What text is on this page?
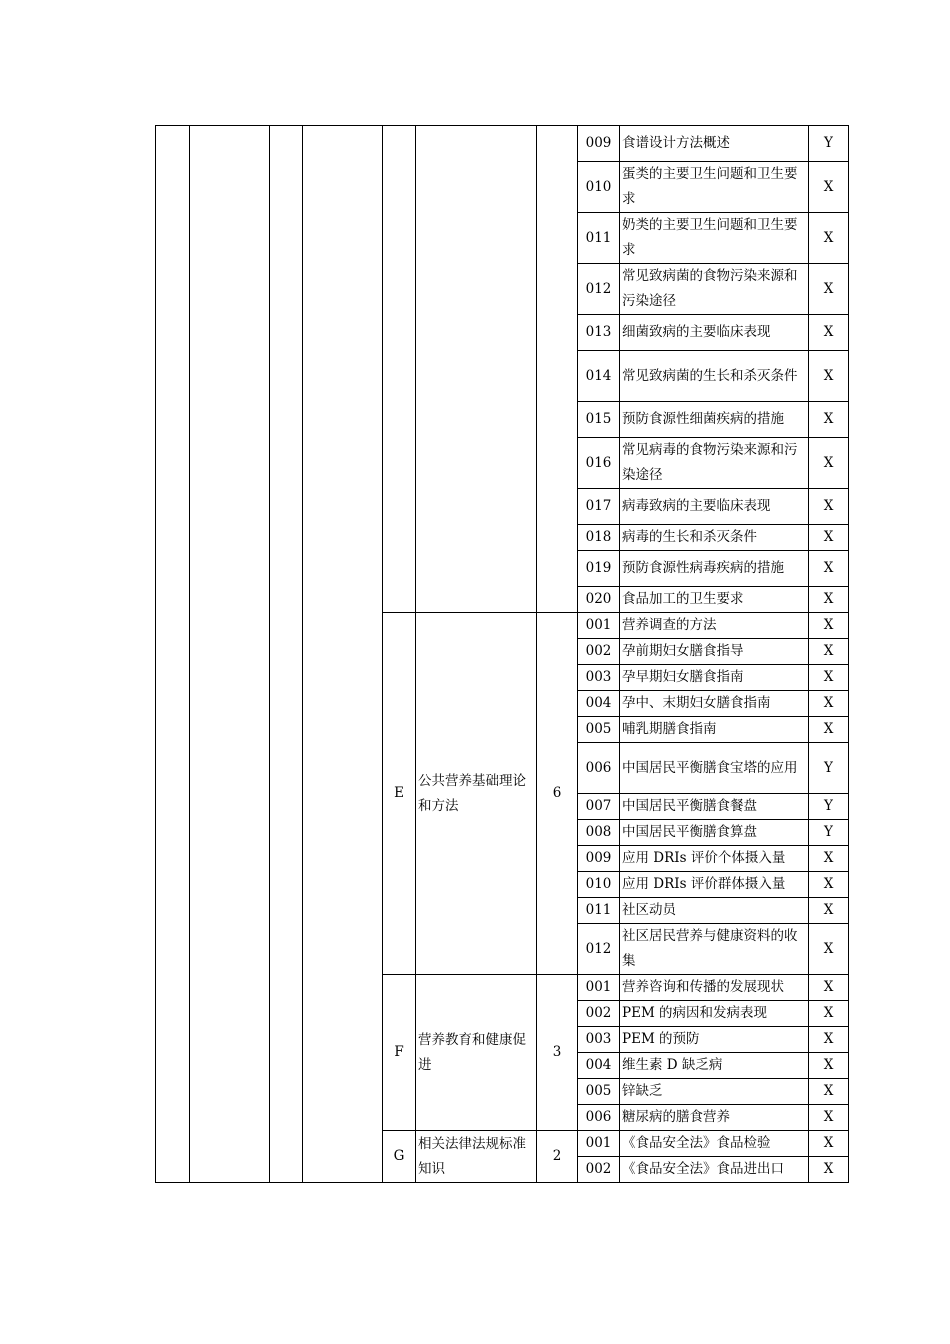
							009	食谱设计方法概述	Y
							010	蛋类的主要卫生问题和卫生要求	X
							011	奶类的主要卫生问题和卫生要求	X
							012	常见致病菌的食物污染来源和污染途径	X
							013	细菌致病的主要临床表现	X
							014	常见致病菌的生长和杀灭条件	X
							015	预防食源性细菌疾病的措施	X
							016	常见病毒的食物污染来源和污染途径	X
							017	病毒致病的主要临床表现	X
							018	病毒的生长和杀灭条件	X
							019	预防食源性病毒疾病的措施	X
							020	食品加工的卫生要求	X
				E	公共营养基础理论和方法	6	001	营养调查的方法	X
							002	孕前期妇女膳食指导	X
							003	孕早期妇女膳食指南	X
							004	孕中、末期妇女膳食指南	X
							005	哺乳期膳食指南	X
							006	中国居民平衡膳食宝塔的应用	Y
							007	中国居民平衡膳食餐盘	Y
							008	中国居民平衡膳食算盘	Y
							009	应用 DRIs 评价个体摄入量	X
							010	应用 DRIs 评价群体摄入量	X
							011	社区动员	X
							012	社区居民营养与健康资料的收集	X
				F	营养教育和健康促进	3	001	营养咨询和传播的发展现状	X
							002	PEM 的病因和发病表现	X
							003	PEM 的预防	X
							004	维生素 D 缺乏病	X
							005	锌缺乏	X
							006	糖尿病的膳食营养	X
				G	相关法律法规标准知识	2	001	《食品安全法》食品检验	X
							002	《食品安全法》食品进出口	X
